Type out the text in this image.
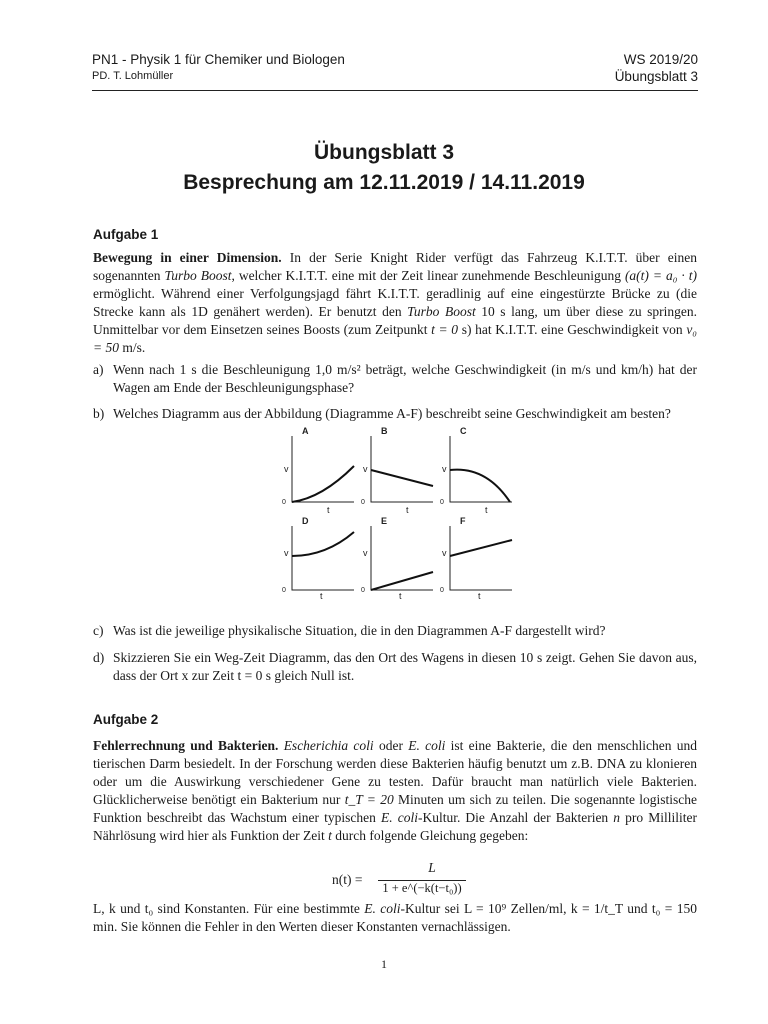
PN1 - Physik 1 für Chemiker und Biologen
PD. T. Lohmüller
WS 2019/20
Übungsblatt 3
Übungsblatt 3
Besprechung am 12.11.2019 / 14.11.2019
Aufgabe 1
Bewegung in einer Dimension. In der Serie Knight Rider verfügt das Fahrzeug K.I.T.T. über einen sogenannten Turbo Boost, welcher K.I.T.T. eine mit der Zeit linear zunehmende Beschleunigung (a(t) = a₀ · t) ermöglicht. Während einer Verfolgungsjagd fährt K.I.T.T. geradlinig auf eine eingestürzte Brücke zu (die Strecke kann als 1D genähert werden). Er benutzt den Turbo Boost 10 s lang, um über diese zu springen. Unmittelbar vor dem Einsetzen seines Boosts (zum Zeitpunkt t = 0 s) hat K.I.T.T. eine Geschwindigkeit von v₀ = 50 m/s.
a) Wenn nach 1 s die Beschleunigung 1,0 m/s² beträgt, welche Geschwindigkeit (in m/s und km/h) hat der Wagen am Ende der Beschleunigungsphase?
b) Welches Diagramm aus der Abbildung (Diagramme A-F) beschreibt seine Geschwindigkeit am besten?
A
v
0
t
B
v
0
t
C
v
0
t
D
v
0
t
E
v
0
t
F
v
0
t
c) Was ist die jeweilige physikalische Situation, die in den Diagrammen A-F dargestellt wird?
d) Skizzieren Sie ein Weg-Zeit Diagramm, das den Ort des Wagens in diesen 10 s zeigt. Gehen Sie davon aus, dass der Ort x zur Zeit t = 0 s gleich Null ist.
Aufgabe 2
Fehlerrechnung und Bakterien. Escherichia coli oder E. coli ist eine Bakterie, die den menschlichen und tierischen Darm besiedelt. In der Forschung werden diese Bakterien häufig benutzt um z.B. DNA zu klonieren oder um die Auswirkung verschiedener Gene zu testen. Dafür braucht man natürlich viele Bakterien. Glücklicherweise benötigt ein Bakterium nur t_T = 20 Minuten um sich zu teilen. Die sogenannte logistische Funktion beschreibt das Wachstum einer typischen E. coli-Kultur. Die Anzahl der Bakterien n pro Milliliter Nährlösung wird hier als Funktion der Zeit t durch folgende Gleichung gegeben:
n(t) =
L
1 + e^(−k(t−t₀))
L, k und t₀ sind Konstanten. Für eine bestimmte E. coli-Kultur sei L = 10⁹ Zellen/ml, k = 1/t_T und t₀ = 150 min. Sie können die Fehler in den Werten dieser Konstanten vernachlässigen.
1
